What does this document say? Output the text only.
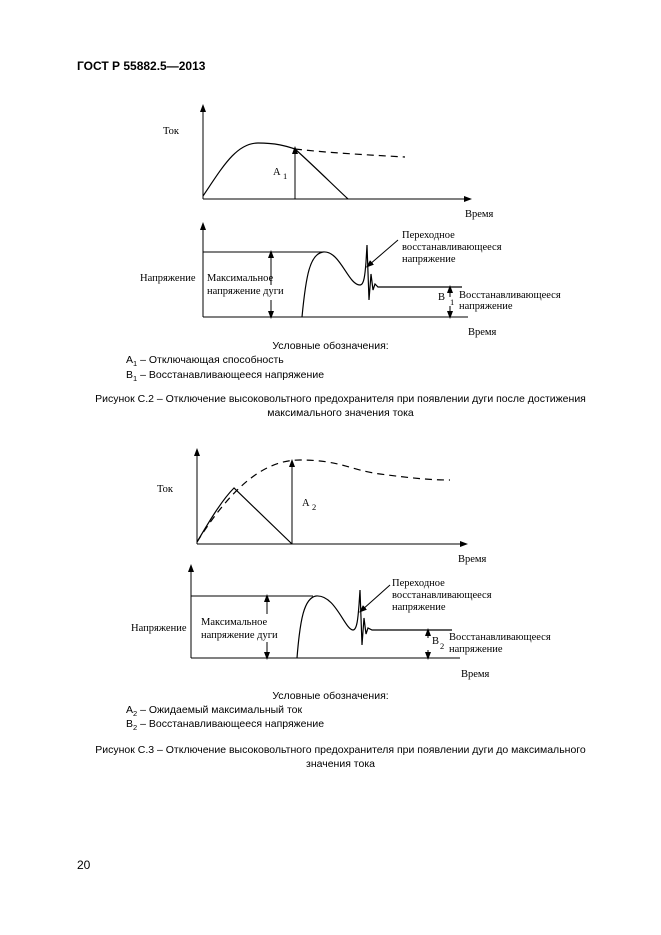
ГОСТ Р 55882.5—2013
Ток
Время
A 1
Напряжение Максимальное
напряжение дуги
Переходное
восстанавливающееся
напряжение
B 1
Восстанавливающееся
напряжение
Время
Условные обозначения:
$A_1$ – Отключающая способность
$B_1$ – Восстанавливающееся напряжение
Рисунок С.2 – Отключение высоковольтного предохранителя при появлении дуги после достижения
максимального значения тока
Ток
Время
A 2
Напряжение
Максимальное
напряжение дуги
Переходное
восстанавливающееся
напряжение
B 2
Восстанавливающееся
напряжение
Время
Условные обозначения:
$A_2$ – Ожидаемый максимальный ток
$B_2$ – Восстанавливающееся напряжение
Рисунок С.3 – Отключение высоковольтного предохранителя при появлении дуги до максимального
значения тока
20
